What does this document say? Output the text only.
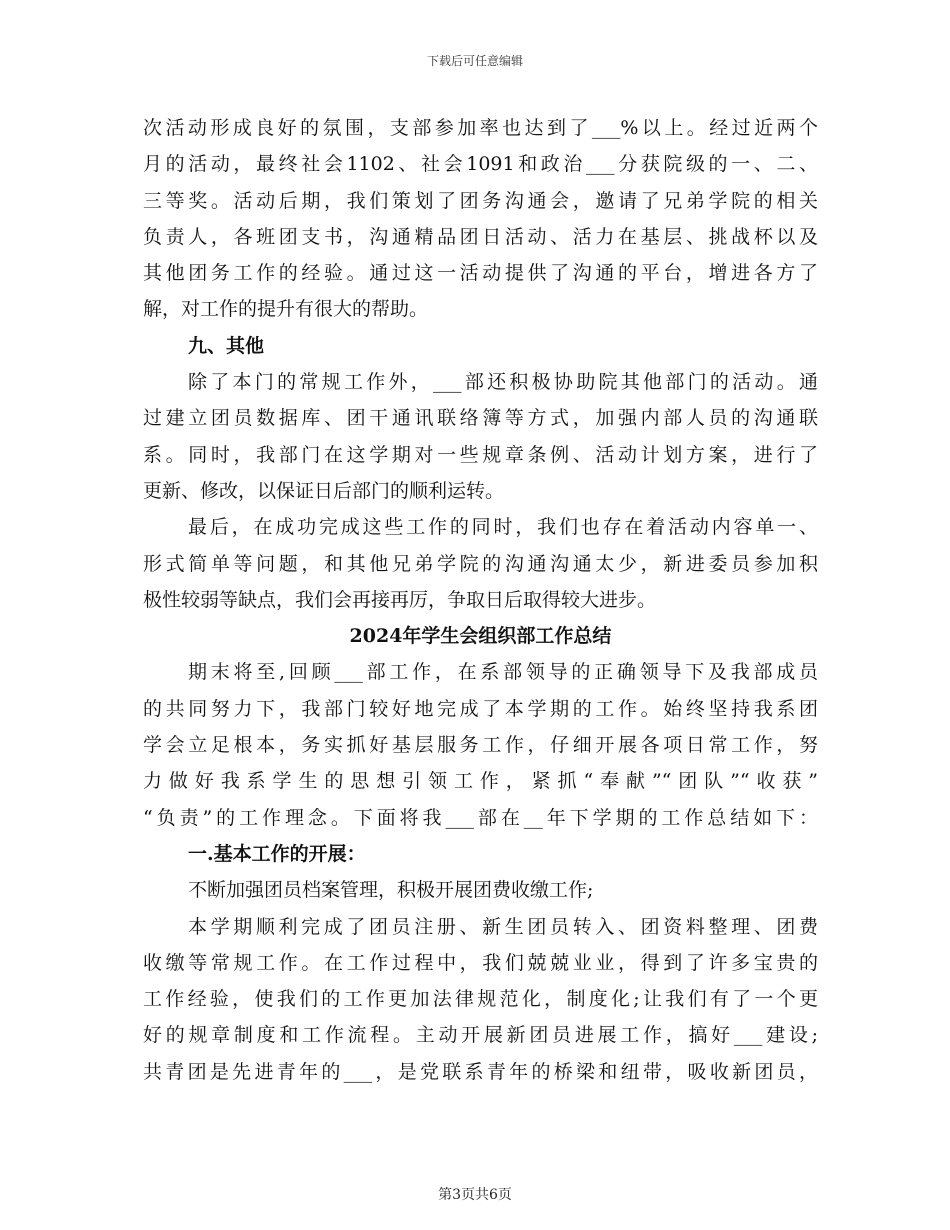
下载后可任意编辑
次活动形成良好的氛围，支部参加率也达到了___%以上。经过近两个
月的活动，最终社会1102、社会1091和政治___分获院级的一、二、
三等奖。活动后期，我们策划了团务沟通会，邀请了兄弟学院的相关
负责人，各班团支书，沟通精品团日活动、活力在基层、挑战杯以及
其他团务工作的经验。通过这一活动提供了沟通的平台，增进各方了
解，对工作的提升有很大的帮助。
九、其他
除了本门的常规工作外，___部还积极协助院其他部门的活动。通
过建立团员数据库、团干通讯联络簿等方式，加强内部人员的沟通联
系。同时，我部门在这学期对一些规章条例、活动计划方案，进行了
更新、修改，以保证日后部门的顺利运转。
最后，在成功完成这些工作的同时，我们也存在着活动内容单一、
形式简单等问题，和其他兄弟学院的沟通沟通太少，新进委员参加积
极性较弱等缺点，我们会再接再厉，争取日后取得较大进步。
2024年学生会组织部工作总结
期末将至,回顾___部工作，在系部领导的正确领导下及我部成员
的共同努力下，我部门较好地完成了本学期的工作。始终坚持我系团
学会立足根本，务实抓好基层服务工作，仔细开展各项日常工作，努
力做好我系学生的思想引领工作，紧抓“奉献”“团队”“收获”
“负责”的工作理念。下面将我___部在__年下学期的工作总结如下：
一.基本工作的开展：
不断加强团员档案管理，积极开展团费收缴工作;
本学期顺利完成了团员注册、新生团员转入、团资料整理、团费
收缴等常规工作。在工作过程中，我们兢兢业业，得到了许多宝贵的
工作经验，使我们的工作更加法律规范化，制度化;让我们有了一个更
好的规章制度和工作流程。主动开展新团员进展工作，搞好___建设;
共青团是先进青年的___，是党联系青年的桥梁和纽带，吸收新团员，
第3页共6页
